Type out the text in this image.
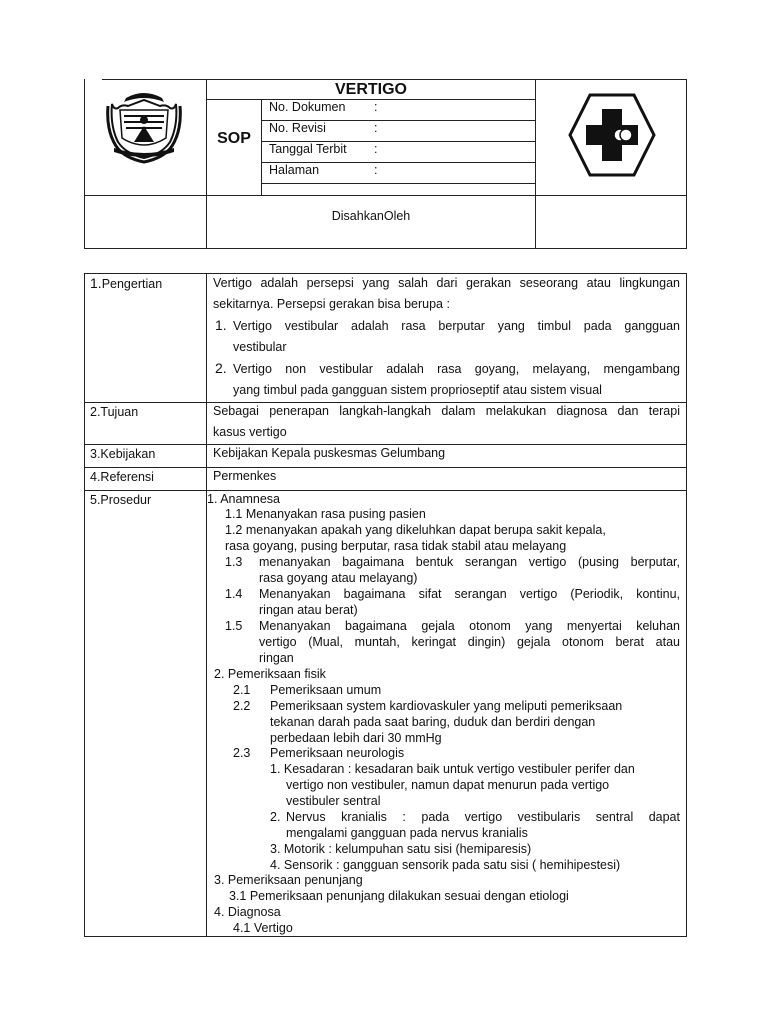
VERTIGO
SOP
No. Dokumen :
No. Revisi	:
Tanggal Terbit :
Halaman	:
DisahkanOleh
1.Pengertian	Vertigo adalah persepsi yang salah dari gerakan seseorang atau lingkungan
sekitarnya. Persepsi gerakan bisa berupa :
1. Vertigo vestibular adalah rasa berputar yang timbul pada gangguan
vestibular
2. Vertigo non vestibular adalah rasa goyang, melayang, mengambang
yang timbul pada gangguan sistem proprioseptif atau sistem visual
2.Tujuan	Sebagai penerapan langkah-langkah dalam melakukan diagnosa dan terapi
kasus vertigo
3.Kebijakan	Kebijakan Kepala puskesmas Gelumbang
4.Referensi	Permenkes
5.Prosedur	1. Anamnesa
1.1 Menanyakan rasa pusing pasien
1.2 menanyakan apakah yang dikeluhkan dapat berupa sakit kepala,
rasa goyang, pusing berputar, rasa tidak stabil atau melayang
1.3 menanyakan bagaimana bentuk serangan vertigo (pusing berputar,
rasa goyang atau melayang)
1.4 Menanyakan bagaimana sifat serangan vertigo (Periodik, kontinu,
ringan atau berat)
1.5 Menanyakan bagaimana gejala otonom yang menyertai keluhan
vertigo (Mual, muntah, keringat dingin) gejala otonom berat atau
ringan
2. Pemeriksaan fisik
2.1 Pemeriksaan umum
2.2 Pemeriksaan system kardiovaskuler yang meliputi pemeriksaan
tekanan darah pada saat baring, duduk dan berdiri dengan
perbedaan lebih dari 30 mmHg
2.3 Pemeriksaan neurologis
1. Kesadaran : kesadaran baik untuk vertigo vestibuler perifer dan
vertigo non vestibuler, namun dapat menurun pada vertigo
vestibuler sentral
2. Nervus kranialis : pada vertigo vestibularis sentral dapat
mengalami gangguan pada nervus kranialis
3. Motorik : kelumpuhan satu sisi (hemiparesis)
4. Sensorik : gangguan sensorik pada satu sisi ( hemihipestesi)
3. Pemeriksaan penunjang
3.1 Pemeriksaan penunjang dilakukan sesuai dengan etiologi
4. Diagnosa
4.1 Vertigo
